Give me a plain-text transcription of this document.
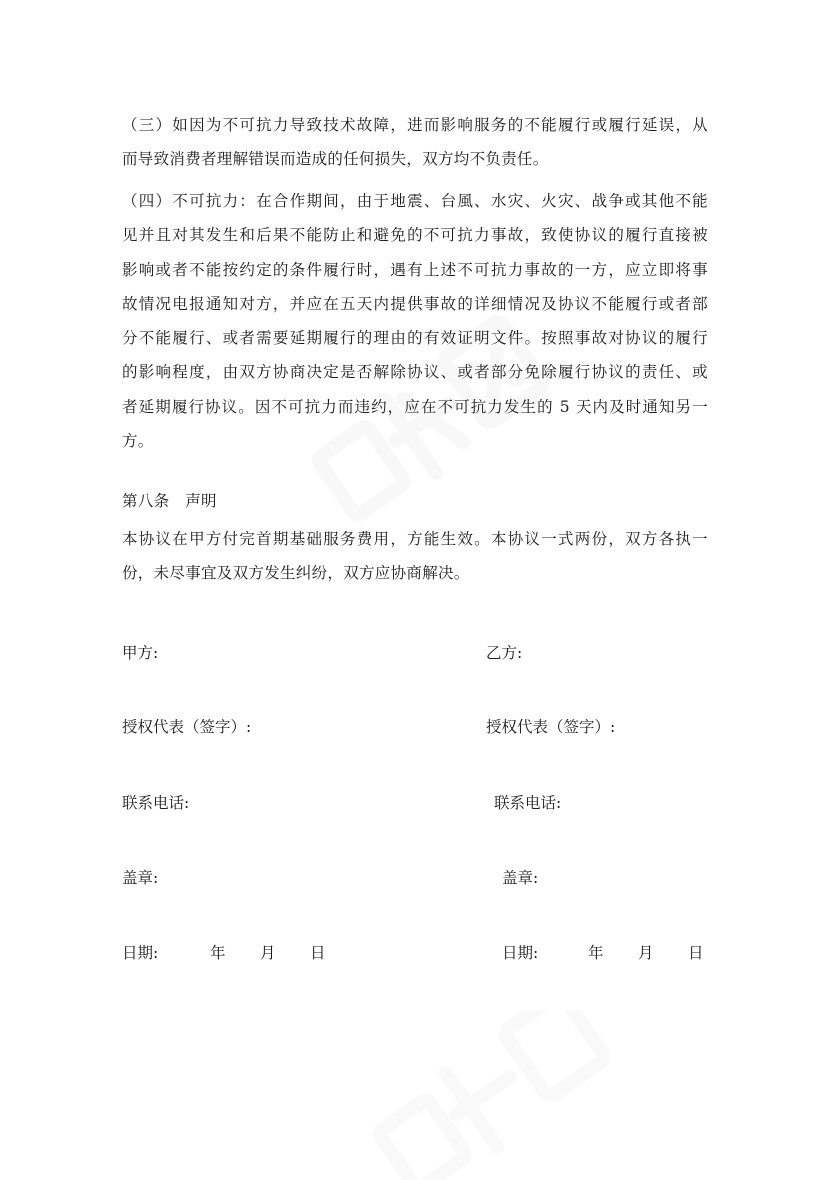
（三）如因为不可抗力导致技术故障，进而影响服务的不能履行或履行延误，从
而导致消费者理解错误而造成的任何损失，双方均不负责任。
（四）不可抗力：在合作期间，由于地震、台風、水灾、火灾、战争或其他不能
见并且对其发生和后果不能防止和避免的不可抗力事故，致使协议的履行直接被
影响或者不能按约定的条件履行时，遇有上述不可抗力事故的一方，应立即将事
故情况电报通知对方，并应在五天内提供事故的详细情况及协议不能履行或者部
分不能履行、或者需要延期履行的理由的有效证明文件。按照事故对协议的履行
的影响程度，由双方协商决定是否解除协议、或者部分免除履行协议的责任、或
者延期履行协议。因不可抗力而违约，应在不可抗力发生的 5 天内及时通知另一
方。
第八条　声明
本协议在甲方付完首期基础服务费用，方能生效。本协议一式两份，双方各执一
份，未尽事宜及双方发生纠纷，双方应协商解决。
甲方:
授权代表（签字）:
联系电话:
盖章:
日期:	年 月 日
乙方:
授权代表（签字）:
联系电话:
盖章:
日期:	年 月 日
